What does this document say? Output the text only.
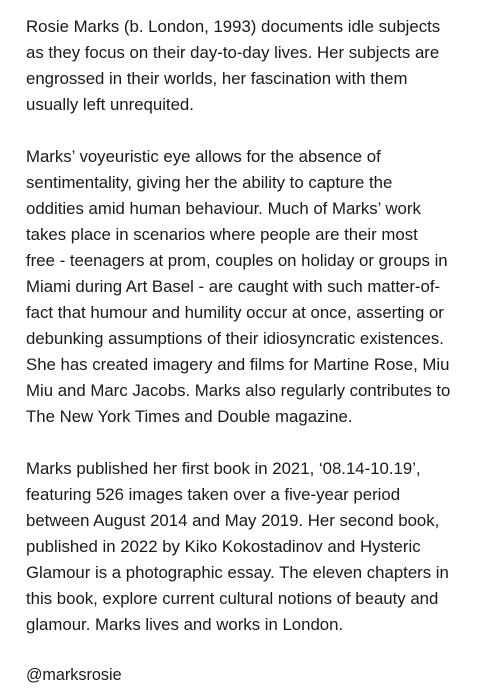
Rosie Marks (b. London, 1993) documents idle subjects
as they focus on their day-to-day lives. Her subjects are
engrossed in their worlds, her fascination with them
usually left unrequited.
Marks’ voyeuristic eye allows for the absence of
sentimentality, giving her the ability to capture the
oddities amid human behaviour. Much of Marks’ work
takes place in scenarios where people are their most
free - teenagers at prom, couples on holiday or groups in
Miami during Art Basel - are caught with such matter-of-
fact that humour and humility occur at once, asserting or
debunking assumptions of their idiosyncratic existences.
She has created imagery and films for Martine Rose, Miu
Miu and Marc Jacobs. Marks also regularly contributes to
The New York Times and Double magazine.
Marks published her first book in 2021, ‘08.14-10.19’,
featuring 526 images taken over a five-year period
between August 2014 and May 2019. Her second book,
published in 2022 by Kiko Kokostadinov and Hysteric
Glamour is a photographic essay. The eleven chapters in
this book, explore current cultural notions of beauty and
glamour. Marks lives and works in London.
@marksrosie
